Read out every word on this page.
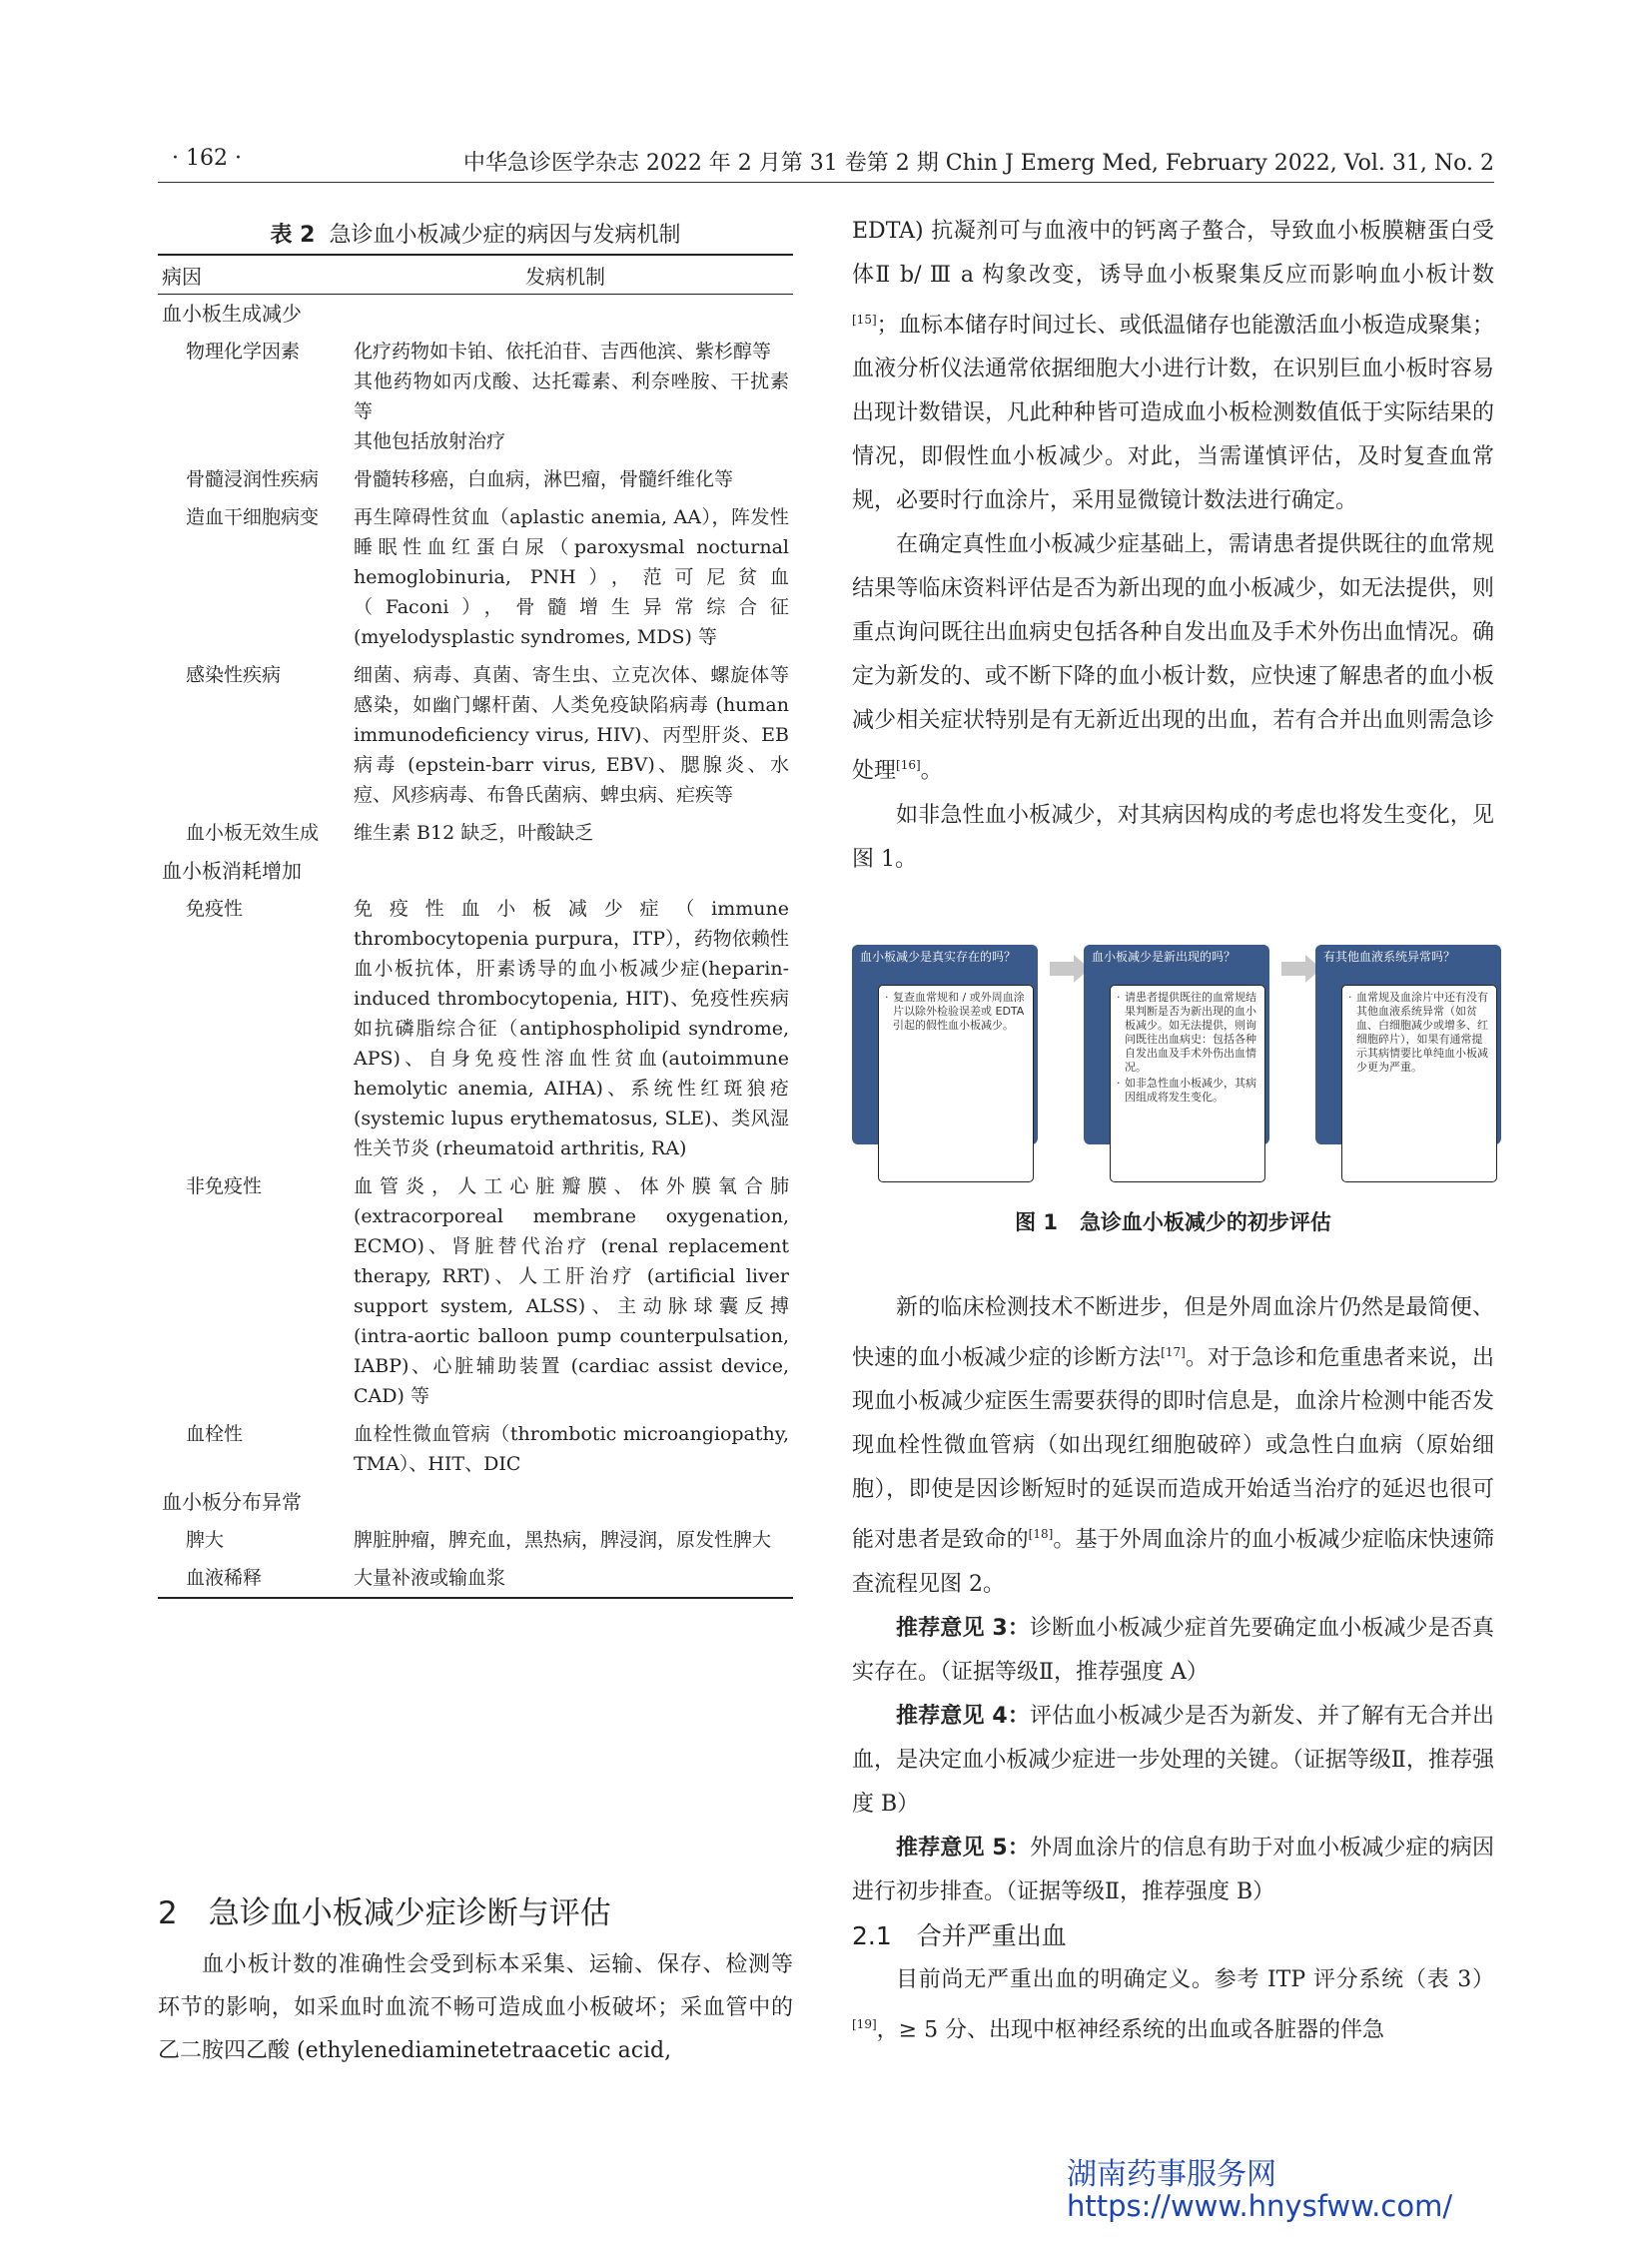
· 162 ·	中华急诊医学杂志 2022 年 2 月第 31 卷第 2 期 Chin J Emerg Med, February 2022, Vol. 31, No. 2
表 2 急诊血小板减少症的病因与发病机制
病因	发病机制
血小板生成减少
物理化学因素	化疗药物如卡铂、依托泊苷、吉西他滨、紫杉醇等

其他药物如丙戊酸、达托霉素、利奈唑胺、干扰素等

其他包括放射治疗

骨髓浸润性疾病	骨髓转移癌，白血病，淋巴瘤，骨髓纤维化等

造血干细胞病变	再生障碍性贫血（aplastic anemia, AA），阵发性睡眠性血红蛋白尿（paroxysmal nocturnal hemoglobinuria, PNH），范可尼贫血（Faconi），骨髓增生异常综合征(myelodysplastic syndromes, MDS) 等

感染性疾病	细菌、病毒、真菌、寄生虫、立克次体、螺旋体等感染，如幽门螺杆菌、人类免疫缺陷病毒 (human immunodeficiency virus, HIV)、丙型肝炎、EB 病毒 (epstein-barr virus, EBV)、腮腺炎、水痘、风疹病毒、布鲁氏菌病、蜱虫病、疟疾等

血小板无效生成	维生素 B12 缺乏，叶酸缺乏

血小板消耗增加
免疫性	免疫性血小板减少症（immune thrombocytopenia purpura，ITP），药物依赖性血小板抗体，肝素诱导的血小板减少症(heparin-induced thrombocytopenia, HIT)、免疫性疾病如抗磷脂综合征（antiphospholipid syndrome, APS)、自身免疫性溶血性贫血(autoimmune hemolytic anemia, AIHA)、系统性红斑狼疮 (systemic lupus erythematosus, SLE)、类风湿性关节炎 (rheumatoid arthritis, RA)

非免疫性	血管炎，人工心脏瓣膜、体外膜氧合肺 (extracorporeal membrane oxygenation, ECMO)、肾脏替代治疗 (renal replacement therapy, RRT)、人工肝治疗 (artificial liver support system, ALSS)、主动脉球囊反搏 (intra-aortic balloon pump counterpulsation, IABP)、心脏辅助装置 (cardiac assist device, CAD) 等

血栓性	血栓性微血管病（thrombotic microangiopathy, TMA）、HIT、DIC

血小板分布异常
脾大	脾脏肿瘤，脾充血，黑热病，脾浸润，原发性脾大

血液稀释	大量补液或输血浆

2　急诊血小板减少症诊断与评估

血小板计数的准确性会受到标本采集、运输、保存、检测等环节的影响，如采血时血流不畅可造成血小板破坏；采血管中的乙二胺四乙酸 (ethylenediaminetetraacetic acid,

EDTA) 抗凝剂可与血液中的钙离子螯合，导致血小板膜糖蛋白受体Ⅱ b/ Ⅲ a 构象改变，诱导血小板聚集反应而影响血小板计数[15]；血标本储存时间过长、或低温储存也能激活血小板造成聚集；血液分析仪法通常依据细胞大小进行计数，在识别巨血小板时容易出现计数错误，凡此种种皆可造成血小板检测数值低于实际结果的情况，即假性血小板减少。对此，当需谨慎评估，及时复查血常规，必要时行血涂片，采用显微镜计数法进行确定。

在确定真性血小板减少症基础上，需请患者提供既往的血常规结果等临床资料评估是否为新出现的血小板减少，如无法提供，则重点询问既往出血病史包括各种自发出血及手术外伤出血情况。确定为新发的、或不断下降的血小板计数，应快速了解患者的血小板减少相关症状特别是有无新近出现的出血，若有合并出血则需急诊处理[16]。

如非急性血小板减少，对其病因构成的考虑也将发生变化，见图 1。

血小板减少是真实存在的吗？
· 复查血常规和 / 或外周血涂片以除外检验误差或 EDTA 引起的假性血小板减少。
血小板减少是新出现的吗？
· 请患者提供既往的血常规结果判断是否为新出现的血小板减少。如无法提供，则询问既往出血病史：包括各种自发出血及手术外伤出血情况。
· 如非急性血小板减少，其病因组成将发生变化。
有其他血液系统异常吗？
· 血常规及血涂片中还有没有其他血液系统异常（如贫血、白细胞减少或增多、红细胞碎片），如果有通常提示其病情要比单纯血小板减少更为严重。
图 1 急诊血小板减少的初步评估

新的临床检测技术不断进步，但是外周血涂片仍然是最简便、快速的血小板减少症的诊断方法[17]。对于急诊和危重患者来说，出现血小板减少症医生需要获得的即时信息是，血涂片检测中能否发现血栓性微血管病（如出现红细胞破碎）或急性白血病（原始细胞），即使是因诊断短时的延误而造成开始适当治疗的延迟也很可能对患者是致命的[18]。基于外周血涂片的血小板减少症临床快速筛查流程见图 2。

推荐意见 3：诊断血小板减少症首先要确定血小板减少是否真实存在。（证据等级Ⅱ，推荐强度 A）

推荐意见 4：评估血小板减少是否为新发、并了解有无合并出血，是决定血小板减少症进一步处理的关键。（证据等级Ⅱ，推荐强度 B）

推荐意见 5：外周血涂片的信息有助于对血小板减少症的病因进行初步排查。（证据等级Ⅱ，推荐强度 B）

2.1　合并严重出血

目前尚无严重出血的明确定义。参考 ITP 评分系统（表 3）[19]，≥ 5 分、出现中枢神经系统的出血或各脏器的伴急

湖南药事服务网
https://www.hnysfww.com/
